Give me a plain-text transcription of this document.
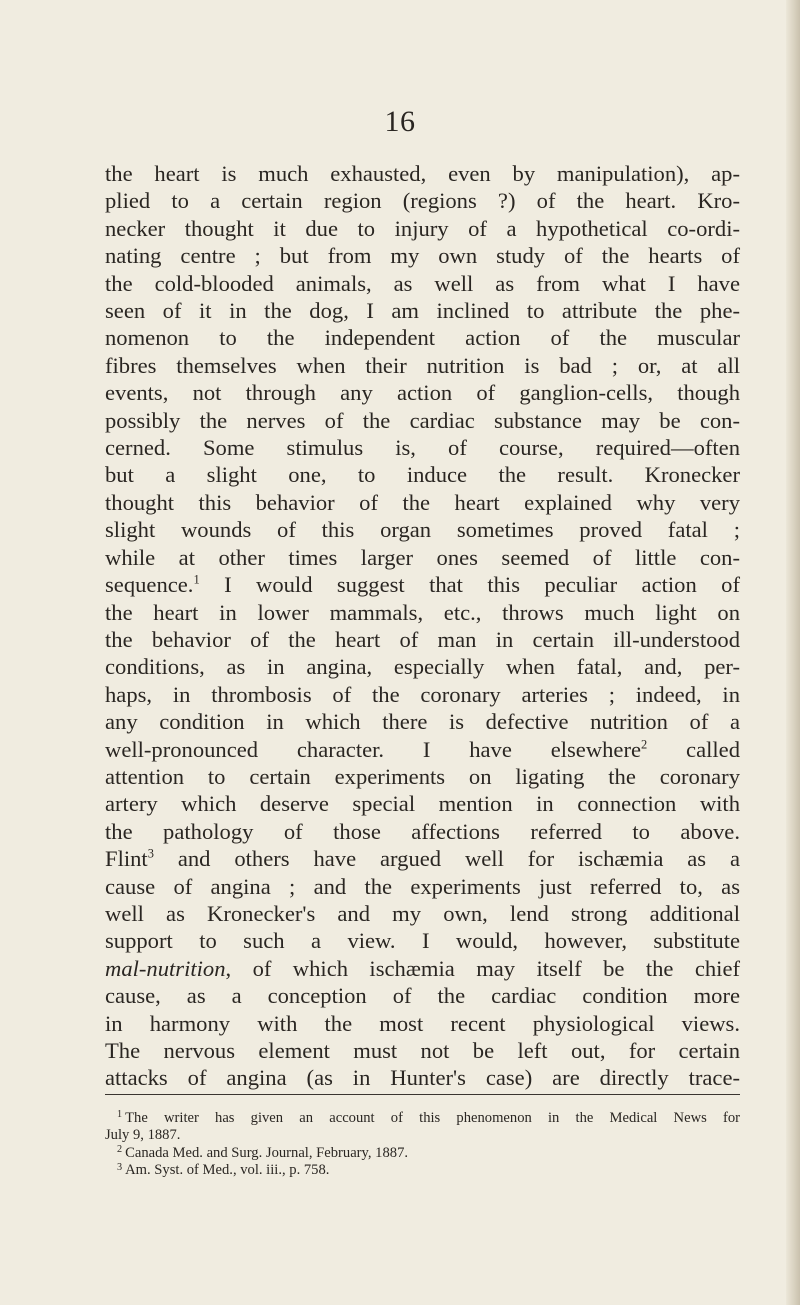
16
the heart is much exhausted, even by manipulation), ap-
plied to a certain region (regions ?) of the heart. Kro-
necker thought it due to injury of a hypothetical co-ordi-
nating centre ; but from my own study of the hearts of
the cold-blooded animals, as well as from what I have
seen of it in the dog, I am inclined to attribute the phe-
nomenon to the independent action of the muscular
fibres themselves when their nutrition is bad ; or, at all
events, not through any action of ganglion-cells, though
possibly the nerves of the cardiac substance may be con-
cerned. Some stimulus is, of course, required—often
but a slight one, to induce the result. Kronecker
thought this behavior of the heart explained why very
slight wounds of this organ sometimes proved fatal ;
while at other times larger ones seemed of little con-
sequence.$^1$ I would suggest that this peculiar action of
the heart in lower mammals, etc., throws much light on
the behavior of the heart of man in certain ill-understood
conditions, as in angina, especially when fatal, and, per-
haps, in thrombosis of the coronary arteries ; indeed, in
any condition in which there is defective nutrition of a
well-pronounced character. I have elsewhere$^2$ called
attention to certain experiments on ligating the coronary
artery which deserve special mention in connection with
the pathology of those affections referred to above.
Flint$^3$ and others have argued well for ischæmia as a
cause of angina ; and the experiments just referred to, as
well as Kronecker's and my own, lend strong additional
support to such a view. I would, however, substitute
mal-nutrition, of which ischæmia may itself be the chief
cause, as a conception of the cardiac condition more
in harmony with the most recent physiological views.
The nervous element must not be left out, for certain
attacks of angina (as in Hunter's case) are directly trace-
$^1$ The writer has given an account of this phenomenon in the Medical News for
July 9, 1887.
$^2$ Canada Med. and Surg. Journal, February, 1887.
$^3$ Am. Syst. of Med., vol. iii., p. 758.
